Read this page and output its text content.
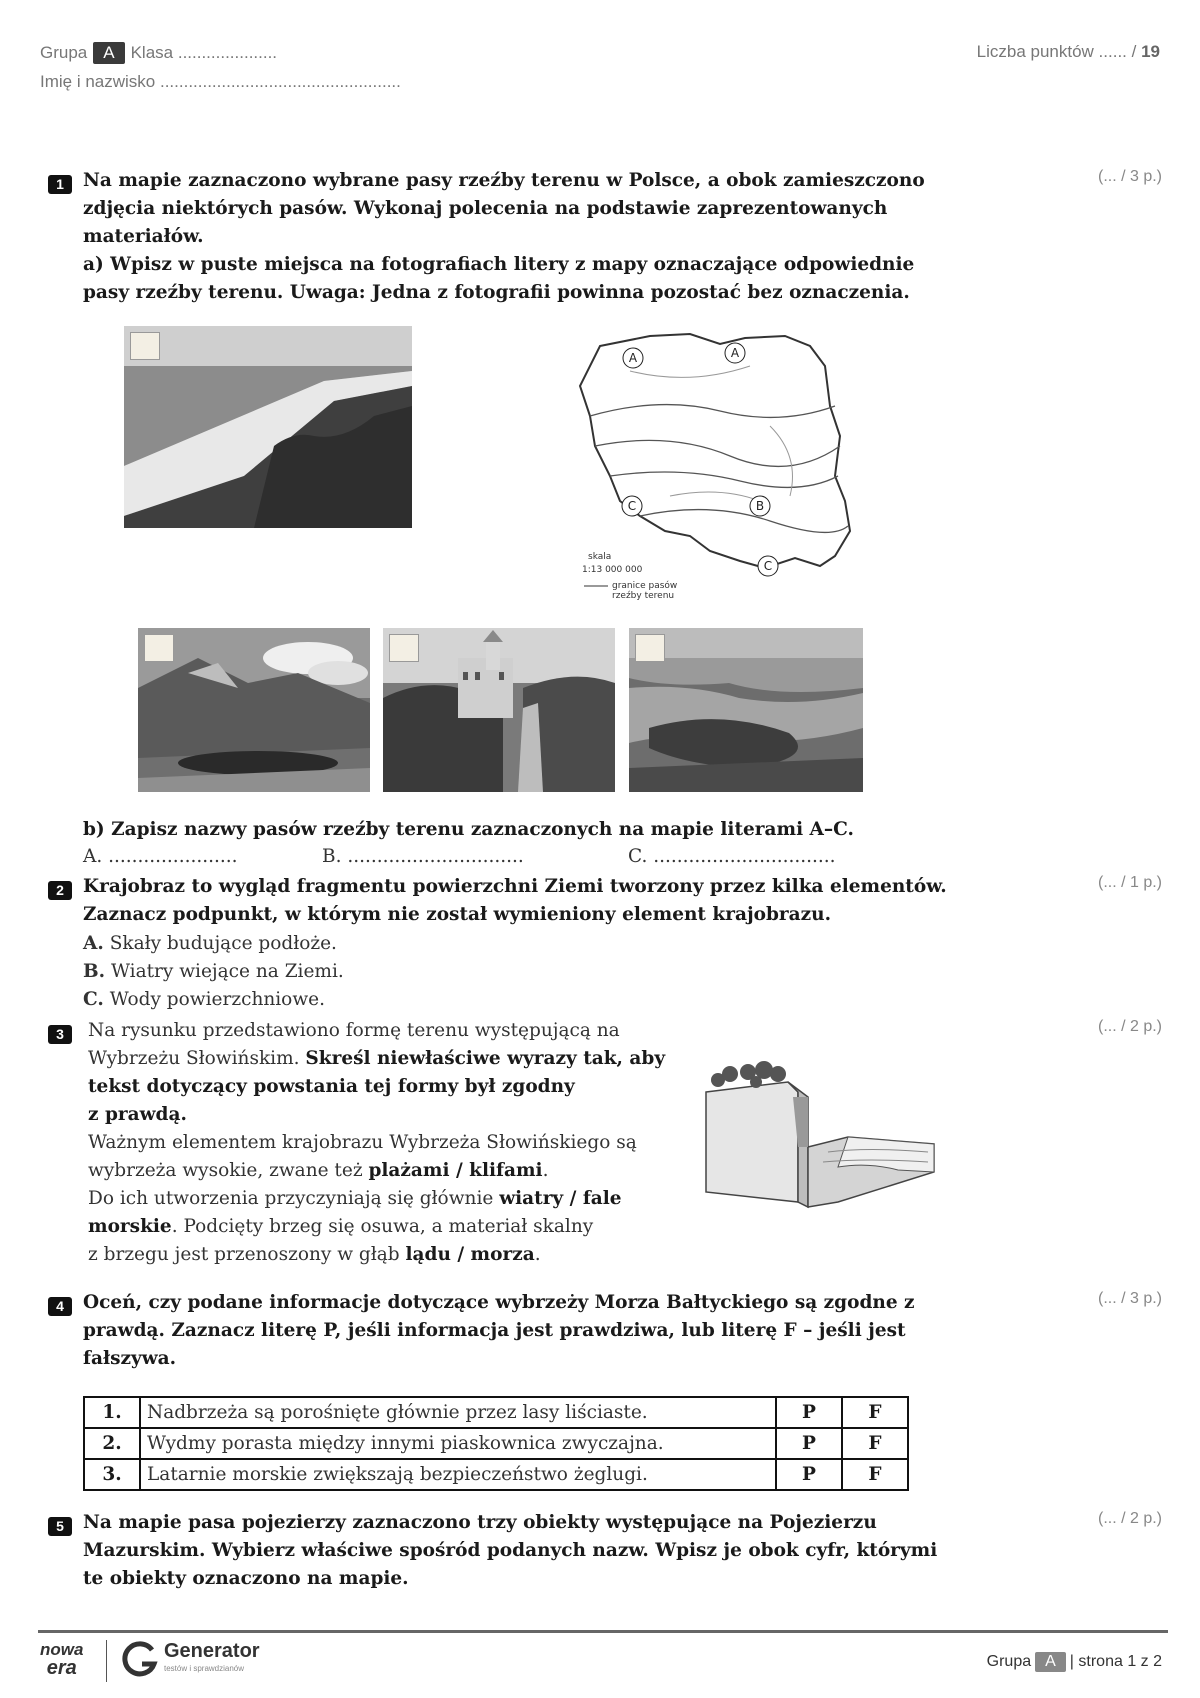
Grupa A Klasa .....................
Imię i nazwisko ...................................................
Liczba punktów ...... / 19
1	(... / 3 p.)
Na mapie zaznaczono wybrane pasy rzeźby terenu w Polsce, a obok zamieszczono
zdjęcia niektórych pasów. Wykonaj polecenia na podstawie zaprezentowanych
materiałów.
a) Wpisz w puste miejsca na fotografiach litery z mapy oznaczające odpowiednie
pasy rzeźby terenu. Uwaga: Jedna z fotografii powinna pozostać bez oznaczenia.
A	A
C	B
C
skala
1:13 000 000
granice pasów
rzeźby terenu
b) Zapisz nazwy pasów rzeźby terenu zaznaczonych na mapie literami A–C.
A. ......................	B. ..............................	C. ...............................
2	(... / 1 p.)
Krajobraz to wygląd fragmentu powierzchni Ziemi tworzony przez kilka elementów.
Zaznacz podpunkt, w którym nie został wymieniony element krajobrazu.
A. Skały budujące podłoże.
B. Wiatry wiejące na Ziemi.
C. Wody powierzchniowe.
3	(... / 2 p.)
Na rysunku przedstawiono formę terenu występującą na
Wybrzeżu Słowińskim. Skreśl niewłaściwe wyrazy tak, aby
tekst dotyczący powstania tej formy był zgodny
z prawdą.
Ważnym elementem krajobrazu Wybrzeża Słowińskiego są
wybrzeża wysokie, zwane też plażami / klifami.
Do ich utworzenia przyczyniają się głównie wiatry / fale
morskie. Podcięty brzeg się osuwa, a materiał skalny
z brzegu jest przenoszony w głąb lądu / morza.
4	(... / 3 p.)
Oceń, czy podane informacje dotyczące wybrzeży Morza Bałtyckiego są zgodne z
prawdą. Zaznacz literę P, jeśli informacja jest prawdziwa, lub literę F – jeśli jest
fałszywa.
1.	Nadbrzeża są porośnięte głównie przez lasy liściaste.	P	F
2.	Wydmy porasta między innymi piaskownica zwyczajna.	P	F
3.	Latarnie morskie zwiększają bezpieczeństwo żeglugi.	P	F
5	(... / 2 p.)
Na mapie pasa pojezierzy zaznaczono trzy obiekty występujące na Pojezierzu
Mazurskim. Wybierz właściwe spośród podanych nazw. Wpisz je obok cyfr, którymi
te obiekty oznaczono na mapie.
nowa
era
Generator
testów i sprawdzianów	Grupa A | strona 1 z 2
